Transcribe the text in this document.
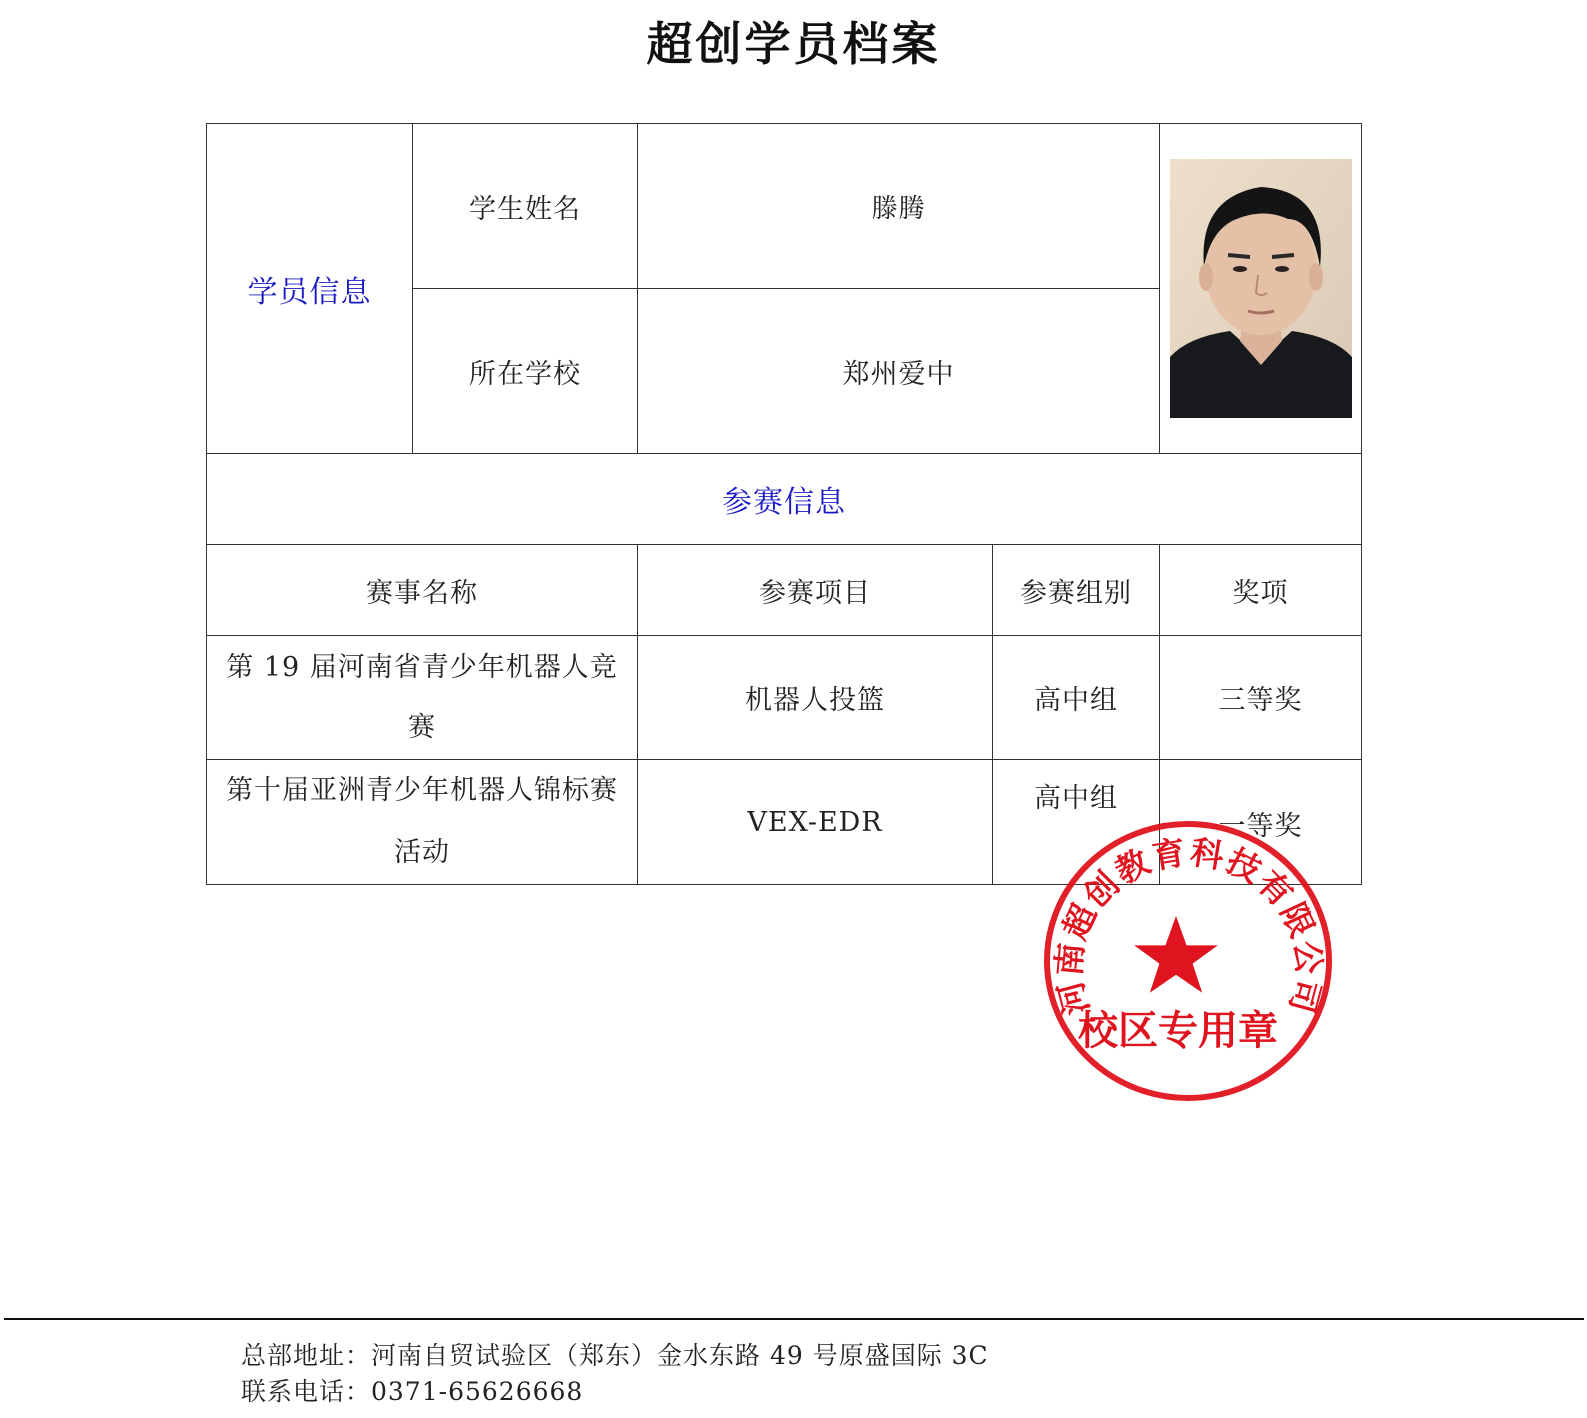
超创学员档案
学员信息	学生姓名	滕腾	

	所在学校	郑州爱中		
参赛信息				
赛事名称		参赛项目	参赛组别	奖项
第 19 届河南省青少年机器人竞赛		机器人投篮	高中组	三等奖
第十届亚洲青少年机器人锦标赛活动		VEX-EDR	高中组	一等奖
河南超创教育科技有限公司
校区专用章
总部地址：河南自贸试验区（郑东）金水东路 49 号原盛国际 3C
联系电话：0371-65626668
